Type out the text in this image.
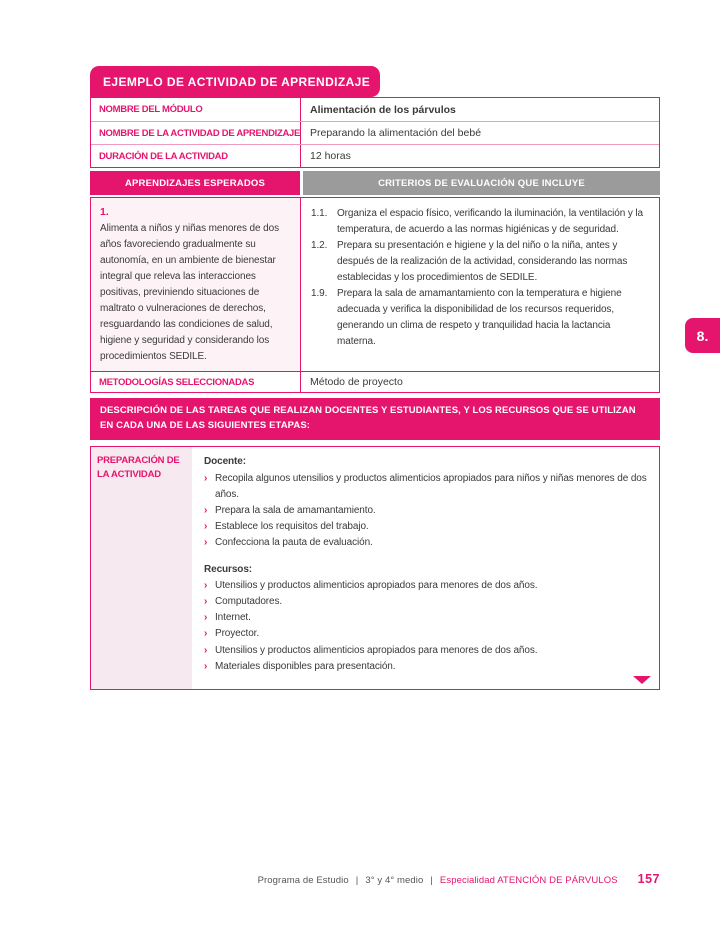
EJEMPLO DE ACTIVIDAD DE APRENDIZAJE
NOMBRE DEL MÓDULO	Alimentación de los párvulos
NOMBRE DE LA ACTIVIDAD DE APRENDIZAJE Preparando la alimentación del bebé
DURACIÓN DE LA ACTIVIDAD	12 horas
APRENDIZAJES ESPERADOS	CRITERIOS DE EVALUACIÓN QUE INCLUYE
1.
Alimenta a niños y niñas menores de dos años favoreciendo gradualmente su autonomía, en un ambiente de bienestar integral que releva las interacciones positivas, previniendo situaciones de maltrato o vulneraciones de derechos, resguardando las condiciones de salud, higiene y seguridad y considerando los procedimientos SEDILE.
1.1. Organiza el espacio físico, verificando la iluminación, la ventilación y la temperatura, de acuerdo a las normas higiénicas y de seguridad.
1.2. Prepara su presentación e higiene y la del niño o la niña, antes y después de la realización de la actividad, considerando las normas establecidas y los procedimientos de SEDILE.
1.9. Prepara la sala de amamantamiento con la temperatura e higiene adecuada y verifica la disponibilidad de los recursos requeridos, generando un clima de respeto y tranquilidad hacia la lactancia materna.
METODOLOGÍAS SELECCIONADAS	Método de proyecto
DESCRIPCIÓN DE LAS TAREAS QUE REALIZAN DOCENTES Y ESTUDIANTES, Y LOS RECURSOS QUE SE UTILIZAN EN CADA UNA DE LAS SIGUIENTES ETAPAS:
PREPARACIÓN DE LA ACTIVIDAD
Docente:
› Recopila algunos utensilios y productos alimenticios apropiados para niños y niñas menores de dos años.
› Prepara la sala de amamantamiento.
› Establece los requisitos del trabajo.
› Confecciona la pauta de evaluación.
Recursos:
› Utensilios y productos alimenticios apropiados para menores de dos años.
› Computadores.
› Internet.
› Proyector.
› Utensilios y productos alimenticios apropiados para menores de dos años.
› Materiales disponibles para presentación.
8.
Programa de Estudio | 3° y 4° medio | Especialidad ATENCIÓN DE PÁRVULOS 157
